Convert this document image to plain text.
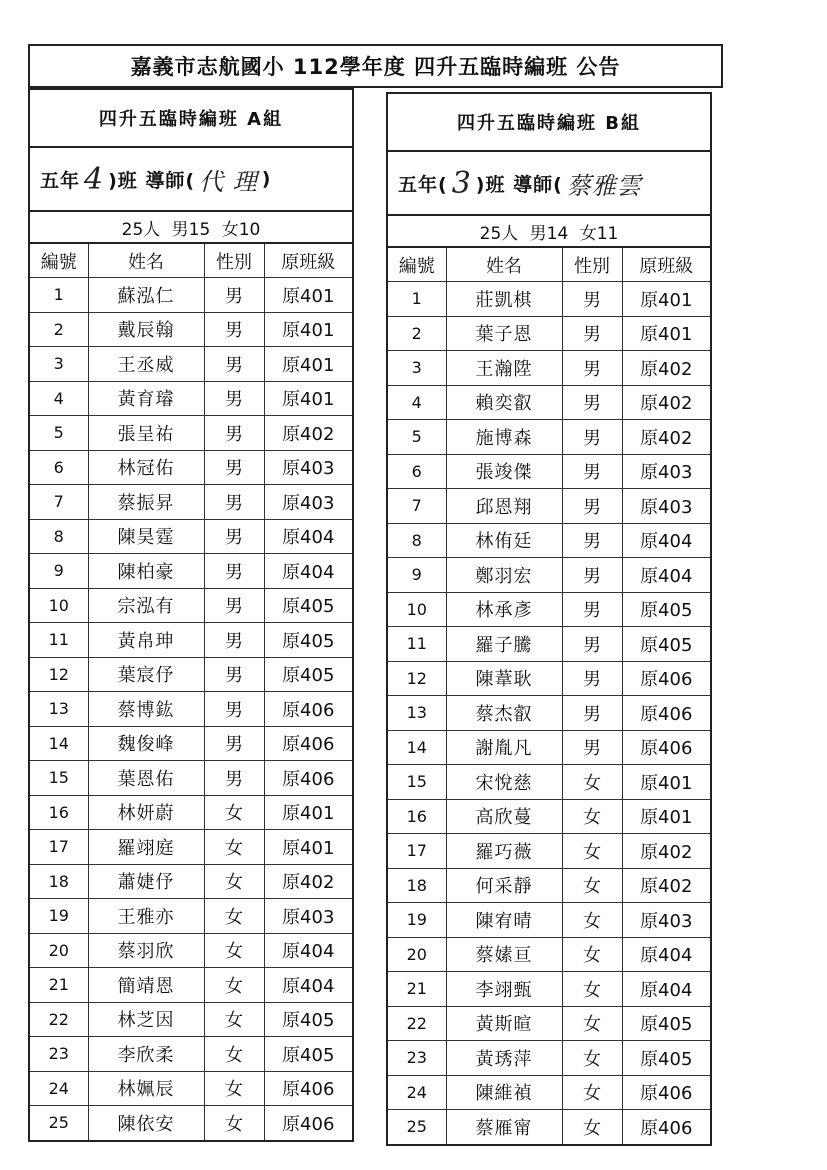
嘉義市志航國小 112學年度 四升五臨時編班 公告
四升五臨時編班 A組
五年 4 )班 導師( 代 理 )
25人 男15 女10
編號	姓名	性別	原班級
1	蘇泓仁	男	原401
2	戴辰翰	男	原401
3	王丞威	男	原401
4	黃育璿	男	原401
5	張呈祐	男	原402
6	林冠佑	男	原403
7	蔡振昇	男	原403
8	陳昊霆	男	原404
9	陳柏豪	男	原404
10	宗泓有	男	原405
11	黃帛珅	男	原405
12	葉宸伃	男	原405
13	蔡博鈜	男	原406
14	魏俊峰	男	原406
15	葉恩佑	男	原406
16	林妍蔚	女	原401
17	羅翊庭	女	原401
18	蕭婕伃	女	原402
19	王雅亦	女	原403
20	蔡羽欣	女	原404
21	簡靖恩	女	原404
22	林芝因	女	原405
23	李欣柔	女	原405
24	林姵辰	女	原406
25	陳依安	女	原406
四升五臨時編班 B組
五年( 3 )班 導師( 蔡雅雲
25人 男14 女11
編號	姓名	性別	原班級
1	莊凱棋	男	原401
2	葉子恩	男	原401
3	王瀚陞	男	原402
4	賴奕叡	男	原402
5	施博森	男	原402
6	張竣傑	男	原403
7	邱恩翔	男	原403
8	林侑廷	男	原404
9	鄭羽宏	男	原404
10	林承彥	男	原405
11	羅子騰	男	原405
12	陳葦耿	男	原406
13	蔡杰叡	男	原406
14	謝胤凡	男	原406
15	宋悅慈	女	原401
16	高欣蔓	女	原401
17	羅巧薇	女	原402
18	何采靜	女	原402
19	陳宥晴	女	原403
20	蔡嫊亘	女	原404
21	李翊甄	女	原404
22	黃斯暄	女	原405
23	黃琇萍	女	原405
24	陳維禎	女	原406
25	蔡雁甯	女	原406
